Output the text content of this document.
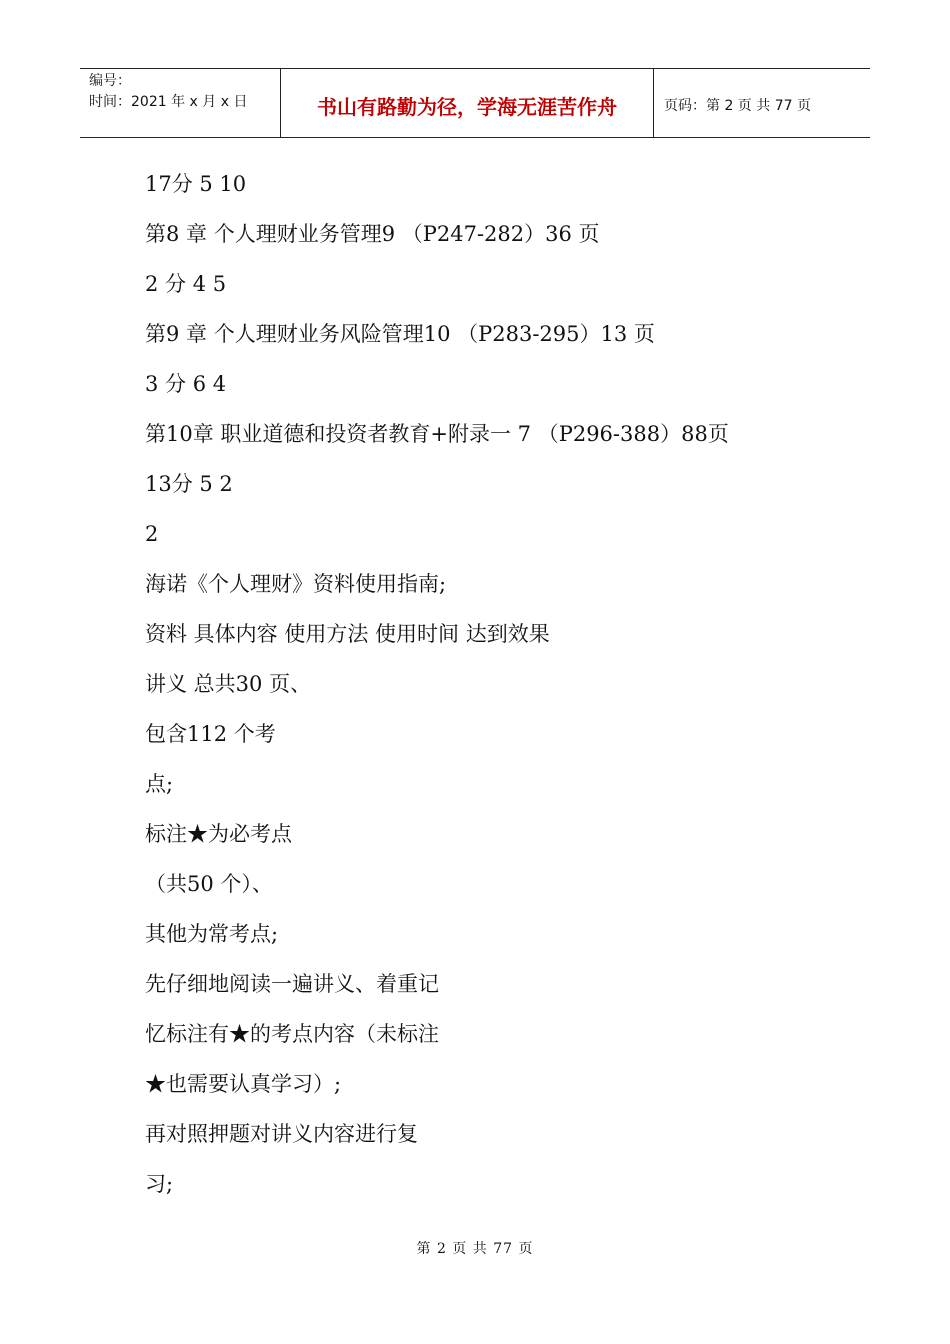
编号：
时间：2021 年 x 月 x 日	书山有路勤为径，学海无涯苦作舟	页码：第 2 页 共 77 页
17分 5 10
第8 章 个人理财业务管理9 （P247-282）36 页
2 分 4 5
第9 章 个人理财业务风险管理10 （P283-295）13 页
3 分 6 4
第10章 职业道德和投资者教育+附录一 7 （P296-388）88页
13分 5 2
2
海诺《个人理财》资料使用指南;
资料 具体内容 使用方法 使用时间 达到效果
讲义 总共30 页、
包含112 个考
点;
标注★为必考点
（共50 个）、
其他为常考点;
先仔细地阅读一遍讲义、着重记
忆标注有★的考点内容（未标注
★也需要认真学习）;
再对照押题对讲义内容进行复
习;
第 2 页 共 77 页
